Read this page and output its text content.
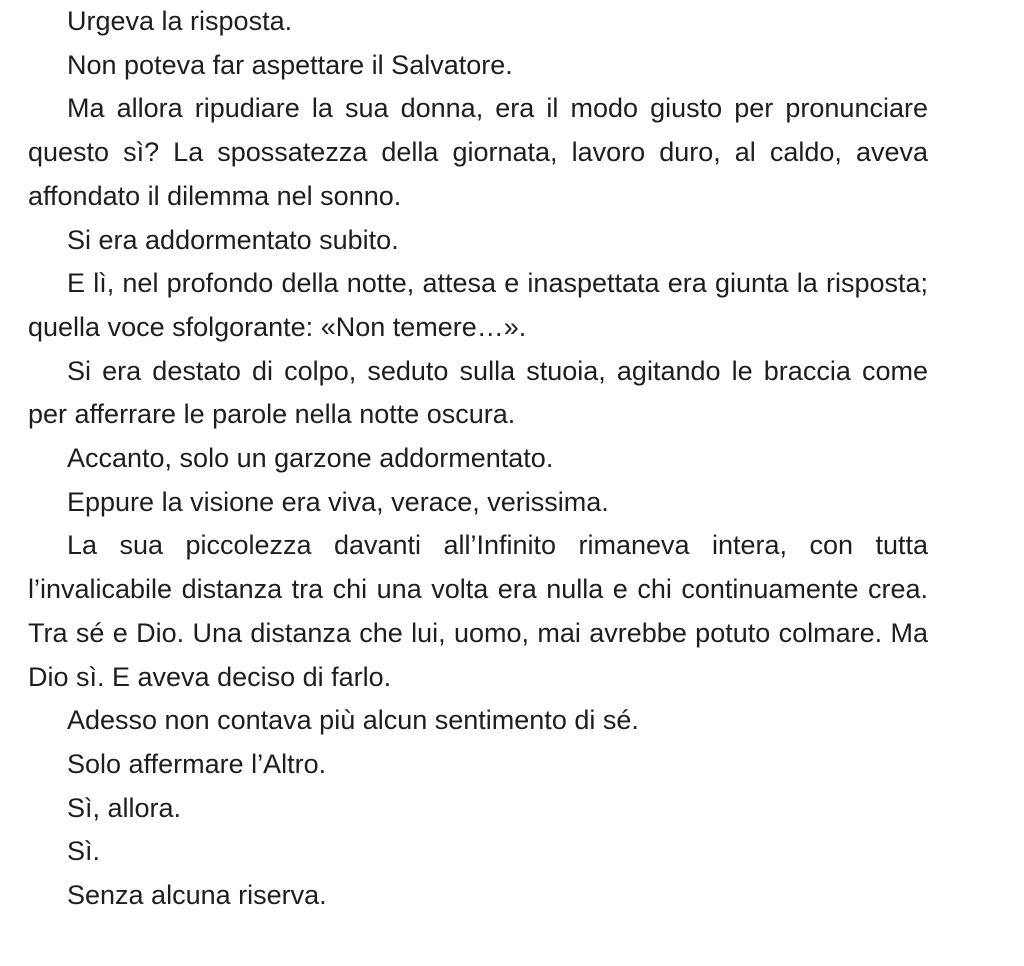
Urgeva la risposta.

Non poteva far aspettare il Salvatore.

Ma allora ripudiare la sua donna, era il modo giusto per pronunciare questo sì? La spossatezza della giornata, lavoro duro, al caldo, aveva affondato il dilemma nel sonno.

Si era addormentato subito.

E lì, nel profondo della notte, attesa e inaspettata era giunta la risposta; quella voce sfolgorante: «Non temere…».

Si era destato di colpo, seduto sulla stuoia, agitando le braccia come per afferrare le parole nella notte oscura.

Accanto, solo un garzone addormentato.

Eppure la visione era viva, verace, verissima.

La sua piccolezza davanti all’Infinito rimaneva intera, con tutta l’invalicabile distanza tra chi una volta era nulla e chi continuamente crea. Tra sé e Dio. Una distanza che lui, uomo, mai avrebbe potuto colmare. Ma Dio sì. E aveva deciso di farlo.

Adesso non contava più alcun sentimento di sé.

Solo affermare l’Altro.

Sì, allora.

Sì.

Senza alcuna riserva.
